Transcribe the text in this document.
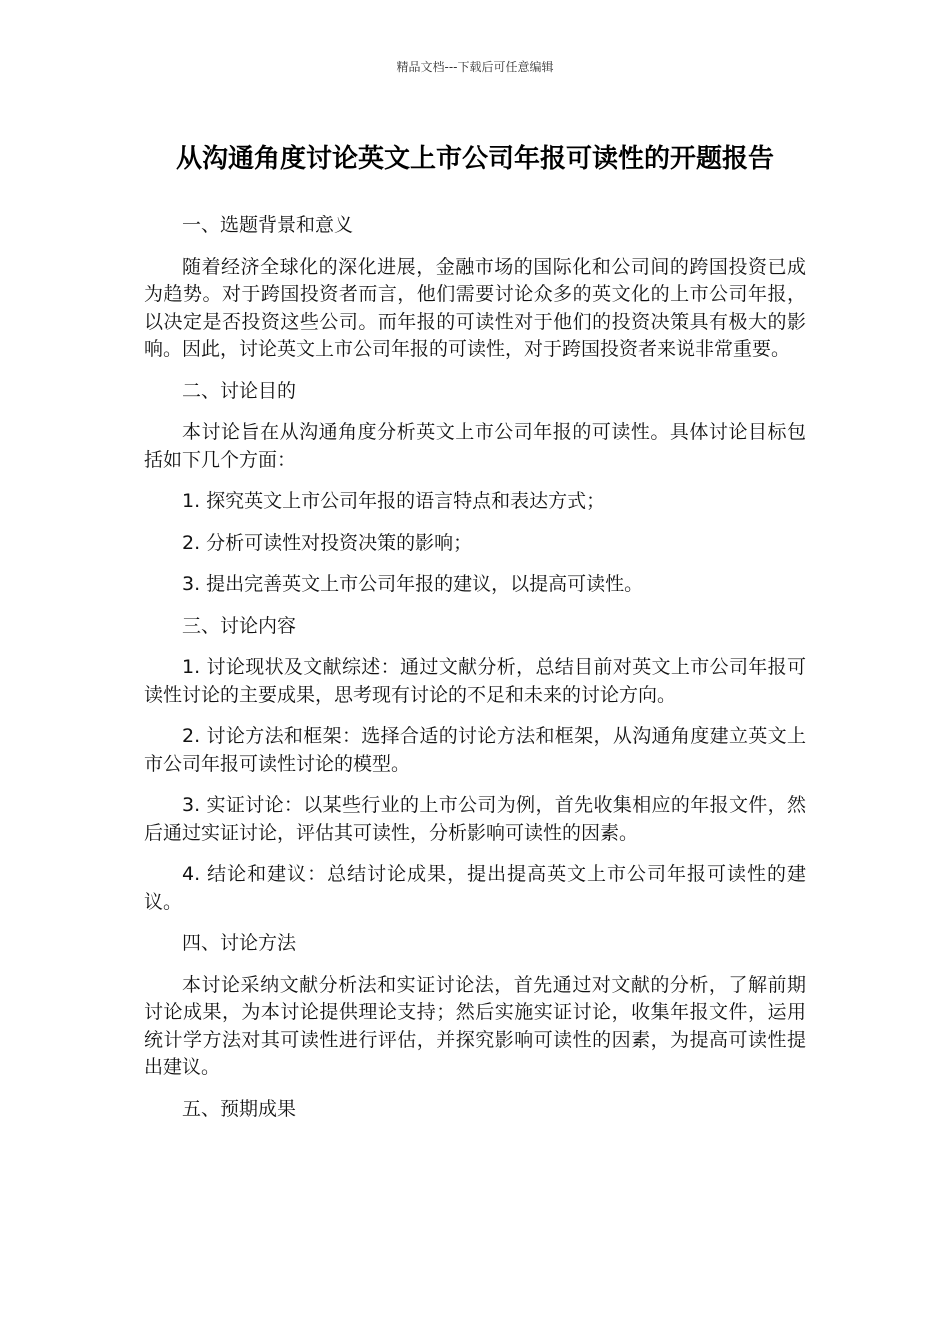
精品文档---下载后可任意编辑
从沟通角度讨论英文上市公司年报可读性的开题报告

一、选题背景和意义

随着经济全球化的深化进展，金融市场的国际化和公司间的跨国投资已成为趋势。对于跨国投资者而言，他们需要讨论众多的英文化的上市公司年报，以决定是否投资这些公司。而年报的可读性对于他们的投资决策具有极大的影响。因此，讨论英文上市公司年报的可读性，对于跨国投资者来说非常重要。

二、讨论目的

本讨论旨在从沟通角度分析英文上市公司年报的可读性。具体讨论目标包括如下几个方面：

1. 探究英文上市公司年报的语言特点和表达方式；

2. 分析可读性对投资决策的影响；

3. 提出完善英文上市公司年报的建议，以提高可读性。

三、讨论内容

1. 讨论现状及文献综述：通过文献分析，总结目前对英文上市公司年报可读性讨论的主要成果，思考现有讨论的不足和未来的讨论方向。

2. 讨论方法和框架：选择合适的讨论方法和框架，从沟通角度建立英文上市公司年报可读性讨论的模型。

3. 实证讨论：以某些行业的上市公司为例，首先收集相应的年报文件，然后通过实证讨论，评估其可读性，分析影响可读性的因素。

4. 结论和建议：总结讨论成果，提出提高英文上市公司年报可读性的建议。

四、讨论方法

本讨论采纳文献分析法和实证讨论法，首先通过对文献的分析，了解前期讨论成果，为本讨论提供理论支持；然后实施实证讨论，收集年报文件，运用统计学方法对其可读性进行评估，并探究影响可读性的因素，为提高可读性提出建议。

五、预期成果
